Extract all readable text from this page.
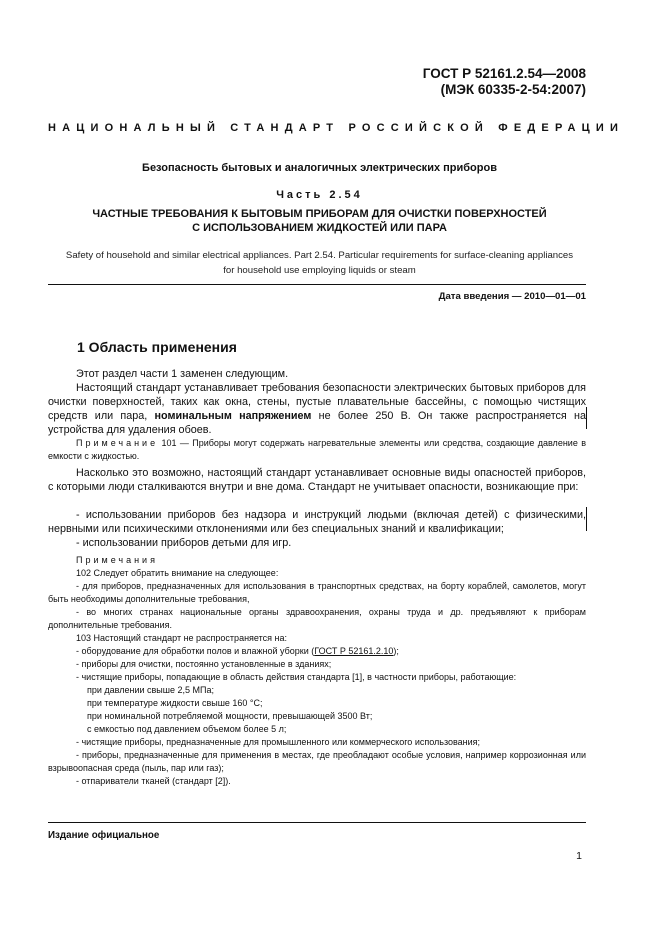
ГОСТ Р 52161.2.54—2008
(МЭК 60335-2-54:2007)
НАЦИОНАЛЬНЫЙ СТАНДАРТ РОССИЙСКОЙ ФЕДЕРАЦИИ
Безопасность бытовых и аналогичных электрических приборов
Часть 2.54
ЧАСТНЫЕ ТРЕБОВАНИЯ К БЫТОВЫМ ПРИБОРАМ ДЛЯ ОЧИСТКИ ПОВЕРХНОСТЕЙ
С ИСПОЛЬЗОВАНИЕМ ЖИДКОСТЕЙ ИЛИ ПАРА
Safety of household and similar electrical appliances. Part 2.54. Particular requirements for surface-cleaning appliances
for household use employing liquids or steam
Дата введения — 2010—01—01
1 Область применения
Этот раздел части 1 заменен следующим.
Настоящий стандарт устанавливает требования безопасности электрических бытовых приборов для очистки поверхностей, таких как окна, стены, пустые плавательные бассейны, с помощью чистящих средств или пара, номинальным напряжением не более 250 В. Он также распространяется на устройства для удаления обоев.
Примечание 101 — Приборы могут содержать нагревательные элементы или средства, создающие давление в емкости с жидкостью.
Насколько это возможно, настоящий стандарт устанавливает основные виды опасностей приборов, с которыми люди сталкиваются внутри и вне дома. Стандарт не учитывает опасности, возникающие при:
- использовании приборов без надзора и инструкций людьми (включая детей) с физическими, нервными или психическими отклонениями или без специальных знаний и квалификации;
- использовании приборов детьми для игр.
Примечания
102 Следует обратить внимание на следующее:
- для приборов, предназначенных для использования в транспортных средствах, на борту кораблей, самолетов, могут быть необходимы дополнительные требования,
- во многих странах национальные органы здравоохранения, охраны труда и др. предъявляют к приборам дополнительные требования.
103 Настоящий стандарт не распространяется на:
- оборудование для обработки полов и влажной уборки (ГОСТ Р 52161.2.10);
- приборы для очистки, постоянно установленные в зданиях;
- чистящие приборы, попадающие в область действия стандарта [1], в частности приборы, работающие:
при давлении свыше 2,5 МПа;
при температуре жидкости свыше 160 °С;
при номинальной потребляемой мощности, превышающей 3500 Вт;
с емкостью под давлением объемом более 5 л;
- чистящие приборы, предназначенные для промышленного или коммерческого использования;
- приборы, предназначенные для применения в местах, где преобладают особые условия, например коррозионная или взрывоопасная среда (пыль, пар или газ);
- отпариватели тканей (стандарт [2]).
Издание официальное
1
